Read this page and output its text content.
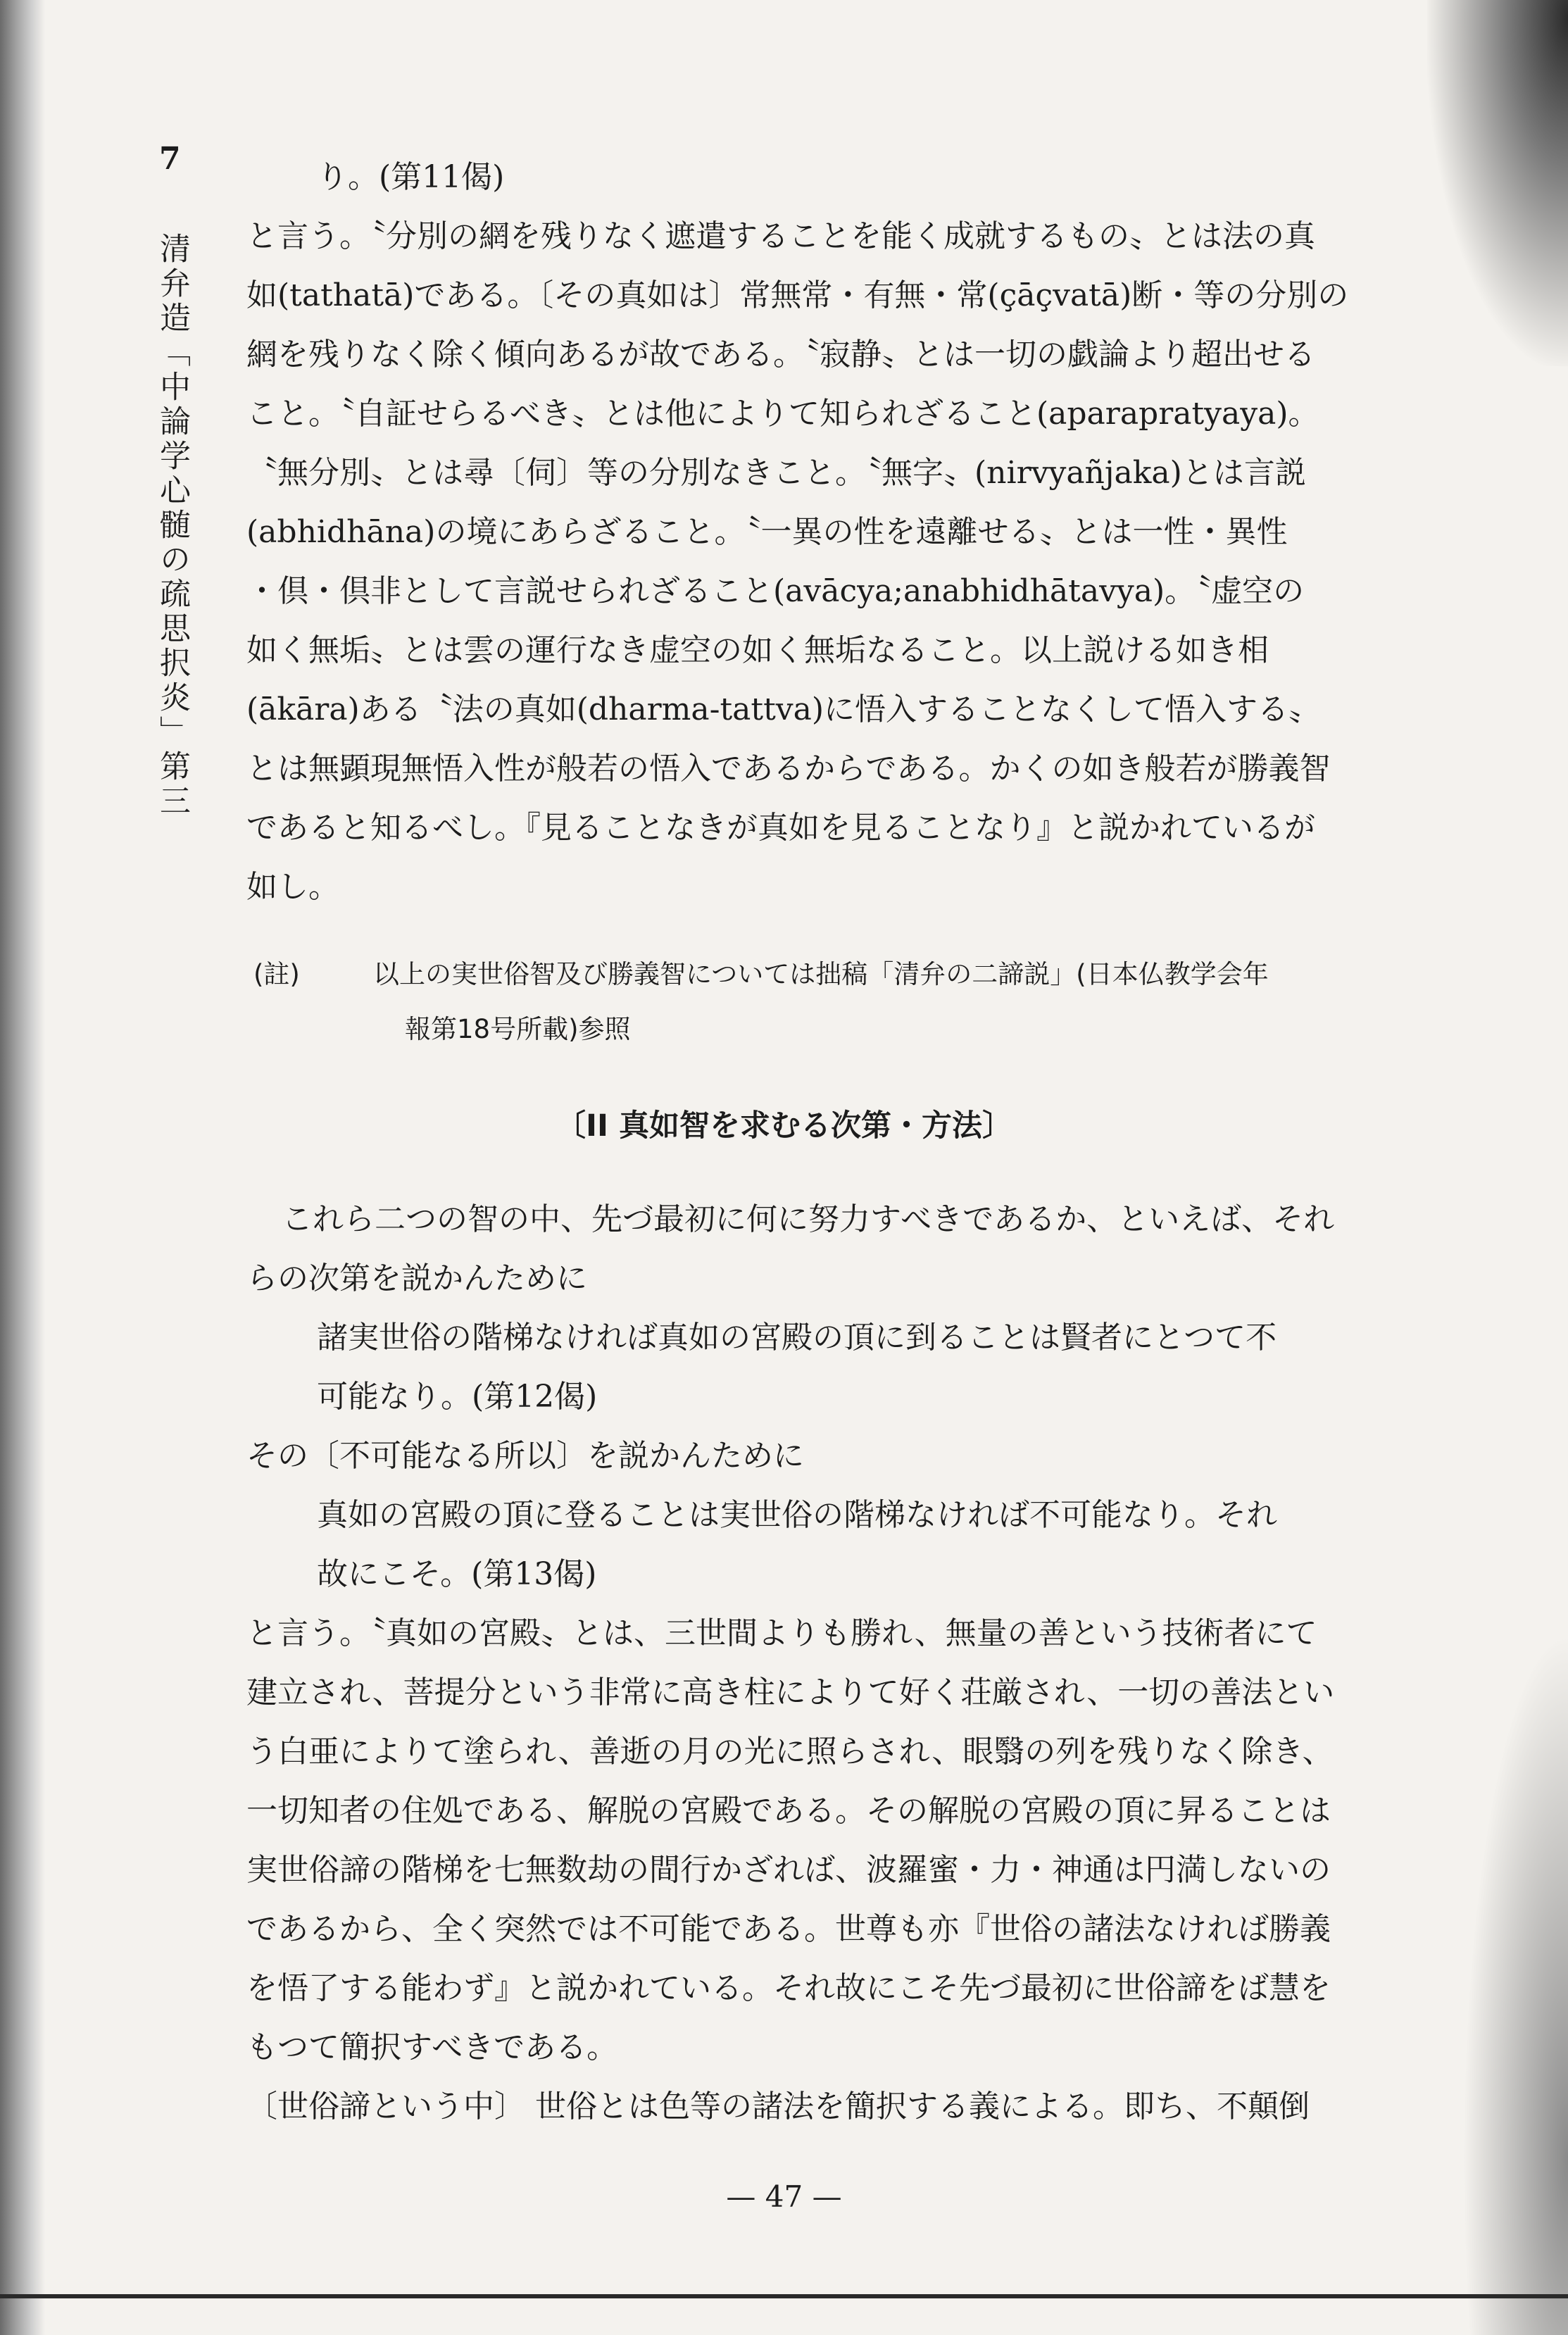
7
清弁造「中論学心髄の疏思択炎」第三

り。(第11偈)

と言う。〝分別の網を残りなく遮遣することを能く成就するもの〟とは法の真

如(tathatā)である。〔その真如は〕常無常・有無・常(çāçvatā)断・等の分別の

網を残りなく除く傾向あるが故である。〝寂静〟とは一切の戯論より超出せる

こと。〝自証せらるべき〟とは他によりて知られざること(aparapratyaya)。

〝無分別〟とは尋〔伺〕等の分別なきこと。〝無字〟(nirvyañjaka)とは言説

(abhidhāna)の境にあらざること。〝一異の性を遠離せる〟とは一性・異性

・倶・倶非として言説せられざること(avācya;anabhidhātavya)。〝虚空の

如く無垢〟とは雲の運行なき虚空の如く無垢なること。以上説ける如き相

(ākāra)ある〝法の真如(dharma-tattva)に悟入することなくして悟入する〟

とは無顕現無悟入性が般若の悟入であるからである。かくの如き般若が勝義智

であると知るべし。『見ることなきが真如を見ることなり』と説かれているが

如し。

(註)	以上の実世俗智及び勝義智については拙稿「清弁の二諦説」(日本仏教学会年

報第18号所載)参照

〔II 真如智を求むる次第・方法〕

これら二つの智の中、先づ最初に何に努力すべきであるか、といえば、それ

らの次第を説かんために

諸実世俗の階梯なければ真如の宮殿の頂に到ることは賢者にとつて不

可能なり。(第12偈)

その〔不可能なる所以〕を説かんために

真如の宮殿の頂に登ることは実世俗の階梯なければ不可能なり。それ

故にこそ。(第13偈)

と言う。〝真如の宮殿〟とは、三世間よりも勝れ、無量の善という技術者にて

建立され、菩提分という非常に高き柱によりて好く荘厳され、一切の善法とい

う白亜によりて塗られ、善逝の月の光に照らされ、眼翳の列を残りなく除き、

一切知者の住処である、解脱の宮殿である。その解脱の宮殿の頂に昇ることは

実世俗諦の階梯を七無数劫の間行かざれば、波羅蜜・力・神通は円満しないの

であるから、全く突然では不可能である。世尊も亦『世俗の諸法なければ勝義

を悟了する能わず』と説かれている。それ故にこそ先づ最初に世俗諦をば慧を

もつて簡択すべきである。

〔世俗諦という中〕 世俗とは色等の諸法を簡択する義による。即ち、不顛倒

— 47 —
